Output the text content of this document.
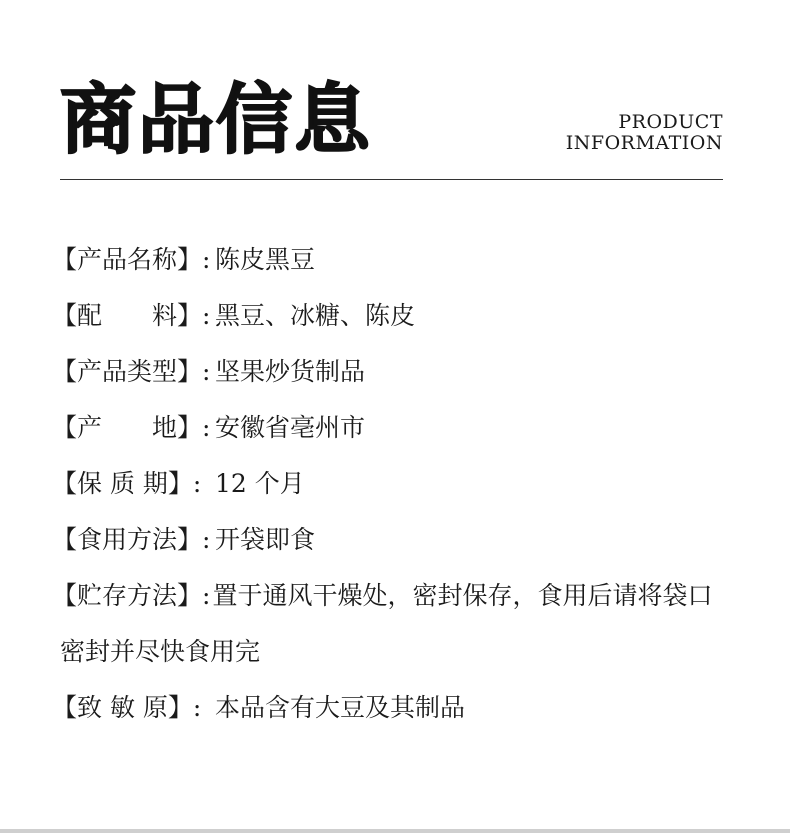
商品信息	PRODUCT
INFORMATION
【产品名称】: 陈皮黑豆
【配　　料】: 黑豆、冰糖、陈皮
【产品类型】: 坚果炒货制品
【产　　地】: 安徽省亳州市
【保 质 期】: 12 个月
【食用方法】: 开袋即食
【贮存方法】: 置于通风干燥处，密封保存，食用后请将袋口
密封并尽快食用完
【致 敏 原】: 本品含有大豆及其制品
